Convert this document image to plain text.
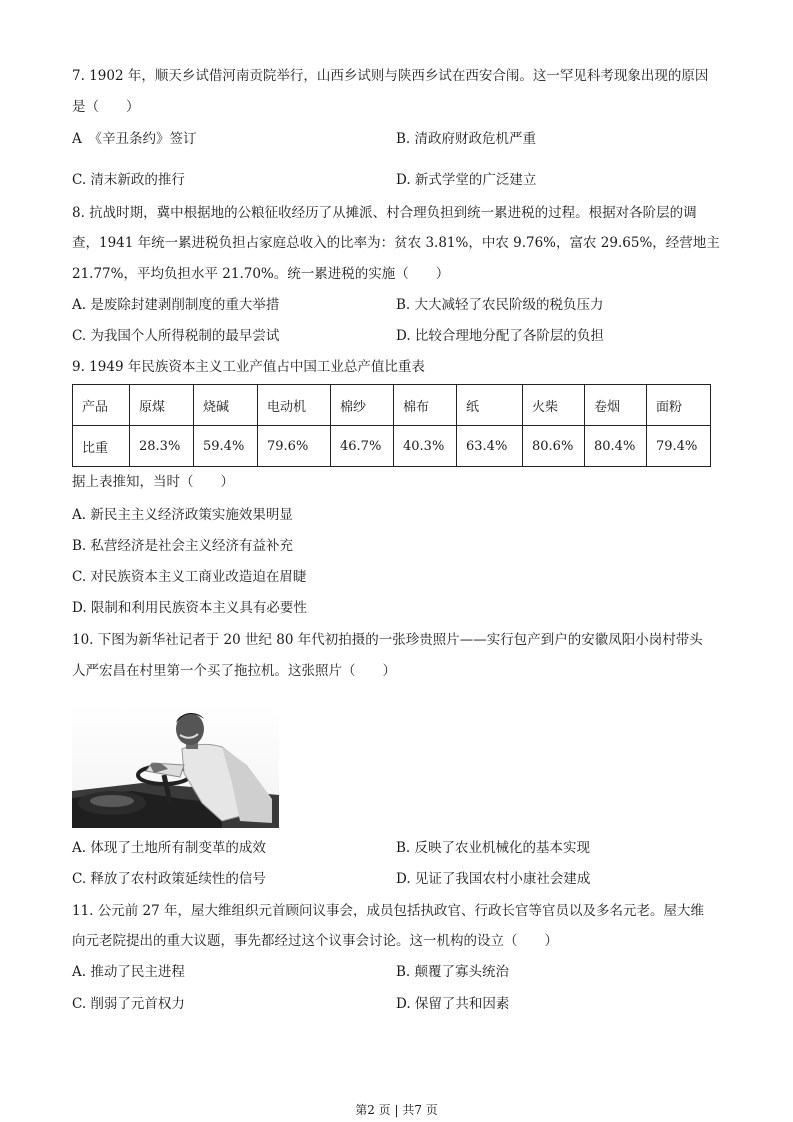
7. 1902 年，顺天乡试借河南贡院举行，山西乡试则与陕西乡试在西安合闱。这一罕见科考现象出现的原因
是（　　）
A　《辛丑条约》签订	B. 清政府财政危机严重
C. 清末新政的推行	D. 新式学堂的广泛建立
8. 抗战时期，冀中根据地的公粮征收经历了从摊派、村合理负担到统一累进税的过程。根据对各阶层的调
查，1941 年统一累进税负担占家庭总收入的比率为：贫农 3.81%，中农 9.76%，富农 29.65%，经营地主
21.77%，平均负担水平 21.70%。统一累进税的实施（　　）
A. 是废除封建剥削制度的重大举措	B. 大大减轻了农民阶级的税负压力
C. 为我国个人所得税制的最早尝试	D. 比较合理地分配了各阶层的负担
9. 1949 年民族资本主义工业产值占中国工业总产值比重表
产品	原煤	烧碱	电动机	棉纱	棉布	纸	火柴	卷烟	面粉
比重	28.3%	59.4%	79.6%	46.7%	40.3%	63.4%	80.6%	80.4%	79.4%
据上表推知，当时（　　）
A. 新民主主义经济政策实施效果明显
B. 私营经济是社会主义经济有益补充
C. 对民族资本主义工商业改造迫在眉睫
D. 限制和利用民族资本主义具有必要性
10. 下图为新华社记者于 20 世纪 80 年代初拍摄的一张珍贵照片——实行包产到户的安徽凤阳小岗村带头
人严宏昌在村里第一个买了拖拉机。这张照片（　　）
A. 体现了土地所有制变革的成效	B. 反映了农业机械化的基本实现
C. 释放了农村政策延续性的信号	D. 见证了我国农村小康社会建成
11. 公元前 27 年，屋大维组织元首顾问议事会，成员包括执政官、行政长官等官员以及多名元老。屋大维
向元老院提出的重大议题，事先都经过这个议事会讨论。这一机构的设立（　　）
A. 推动了民主进程	B. 颠覆了寡头统治
C. 削弱了元首权力	D. 保留了共和因素
第2 页 | 共7 页
